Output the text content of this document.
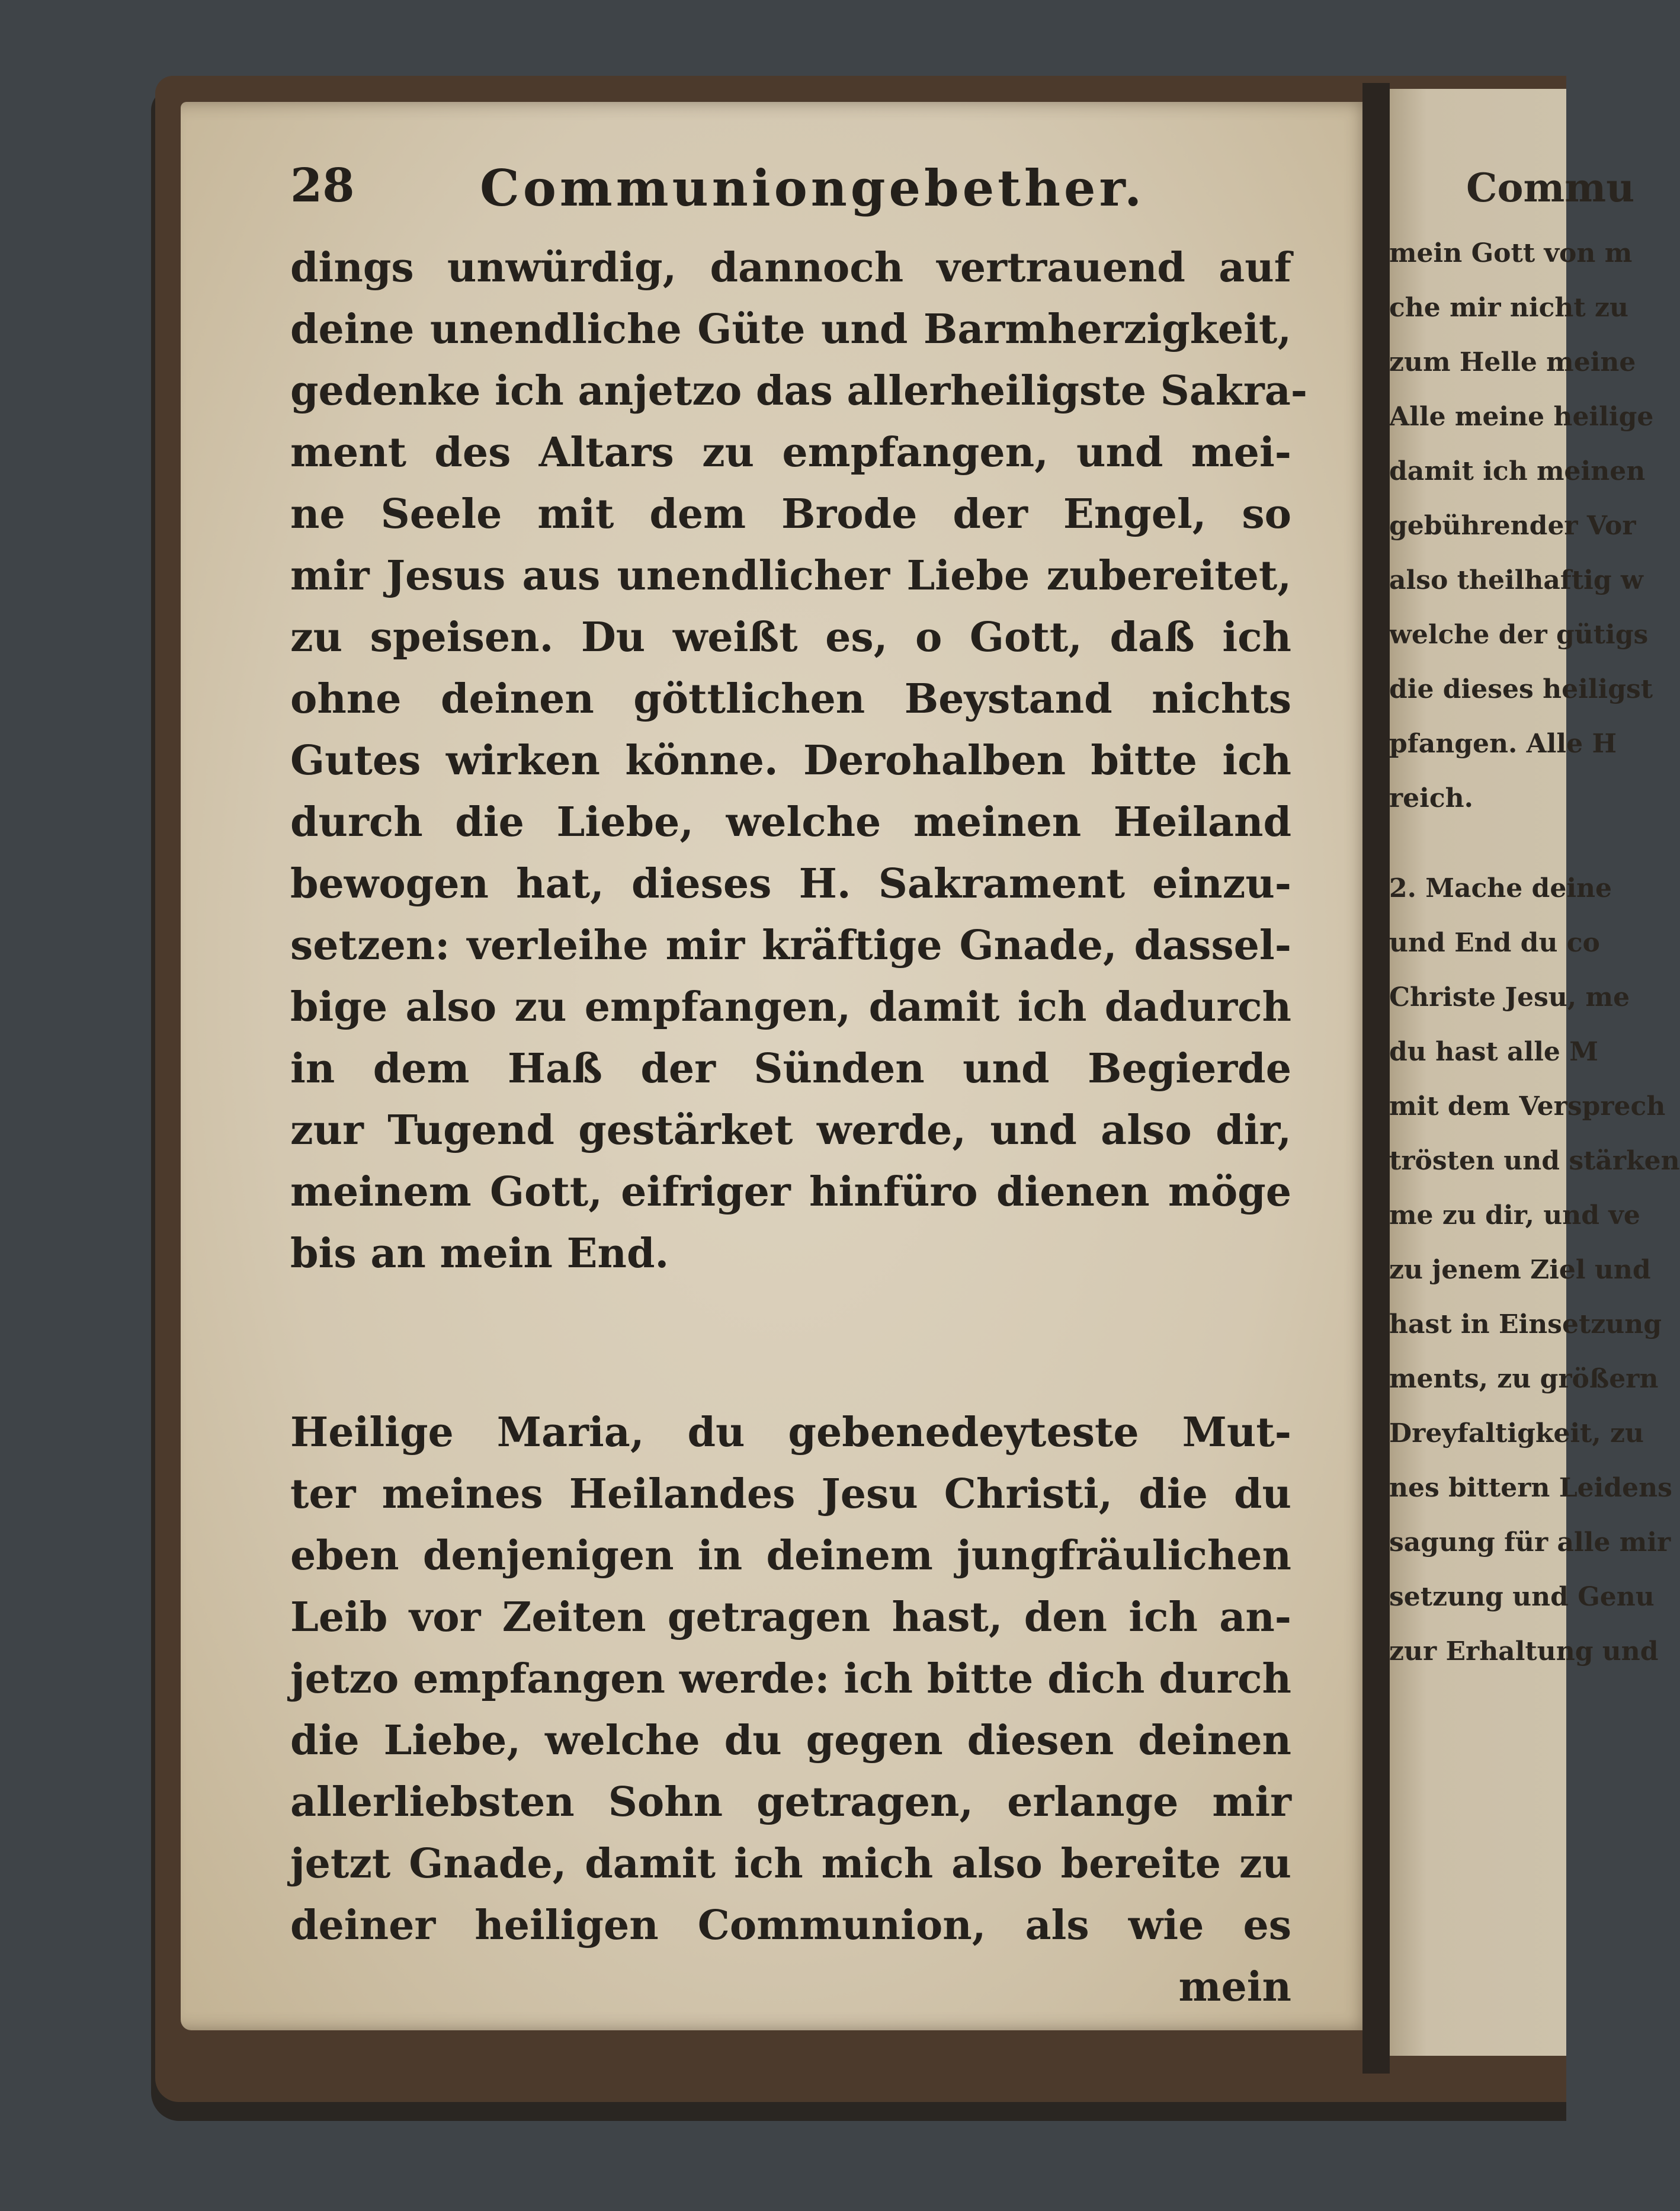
28	Communiongebether.
dings unwürdig, dannoch vertrauend auf
deine unendliche Güte und Barmherzigkeit,
gedenke ich anjetzo das allerheiligste Sakra-
ment des Altars zu empfangen, und mei-
ne Seele mit dem Brode der Engel, so
mir Jesus aus unendlicher Liebe zubereitet,
zu speisen. Du weißt es, o Gott, daß ich
ohne deinen göttlichen Beystand nichts
Gutes wirken könne. Derohalben bitte ich
durch die Liebe, welche meinen Heiland
bewogen hat, dieses H. Sakrament einzu-
setzen: verleihe mir kräftige Gnade, dassel-
bige also zu empfangen, damit ich dadurch
in dem Haß der Sünden und Begierde
zur Tugend gestärket werde, und also dir,
meinem Gott, eifriger hinfüro dienen möge
bis an mein End.
Heilige Maria, du gebenedeyteste Mut-
ter meines Heilandes Jesu Christi, die du
eben denjenigen in deinem jungfräulichen
Leib vor Zeiten getragen hast, den ich an-
jetzo empfangen werde: ich bitte dich durch
die Liebe, welche du gegen diesen deinen
allerliebsten Sohn getragen, erlange mir
jetzt Gnade, damit ich mich also bereite zu
deiner heiligen Communion, als wie es
mein
Commu
mein Gott von m
che mir nicht zu
zum Helle meine
Alle meine heilige
damit ich meinen
gebührender Vor
also theilhaftig w
welche der gütigs
die dieses heiligst
pfangen. Alle H
reich.
2. Mache deine
und End du co
Christe Jesu, me
du hast alle M
mit dem Versprech
trösten und stärken
me zu dir, und ve
zu jenem Ziel und
hast in Einsetzung
ments, zu größern
Dreyfaltigkeit, zu
nes bittern Leidens
sagung für alle mir
setzung und Genu
zur Erhaltung und
